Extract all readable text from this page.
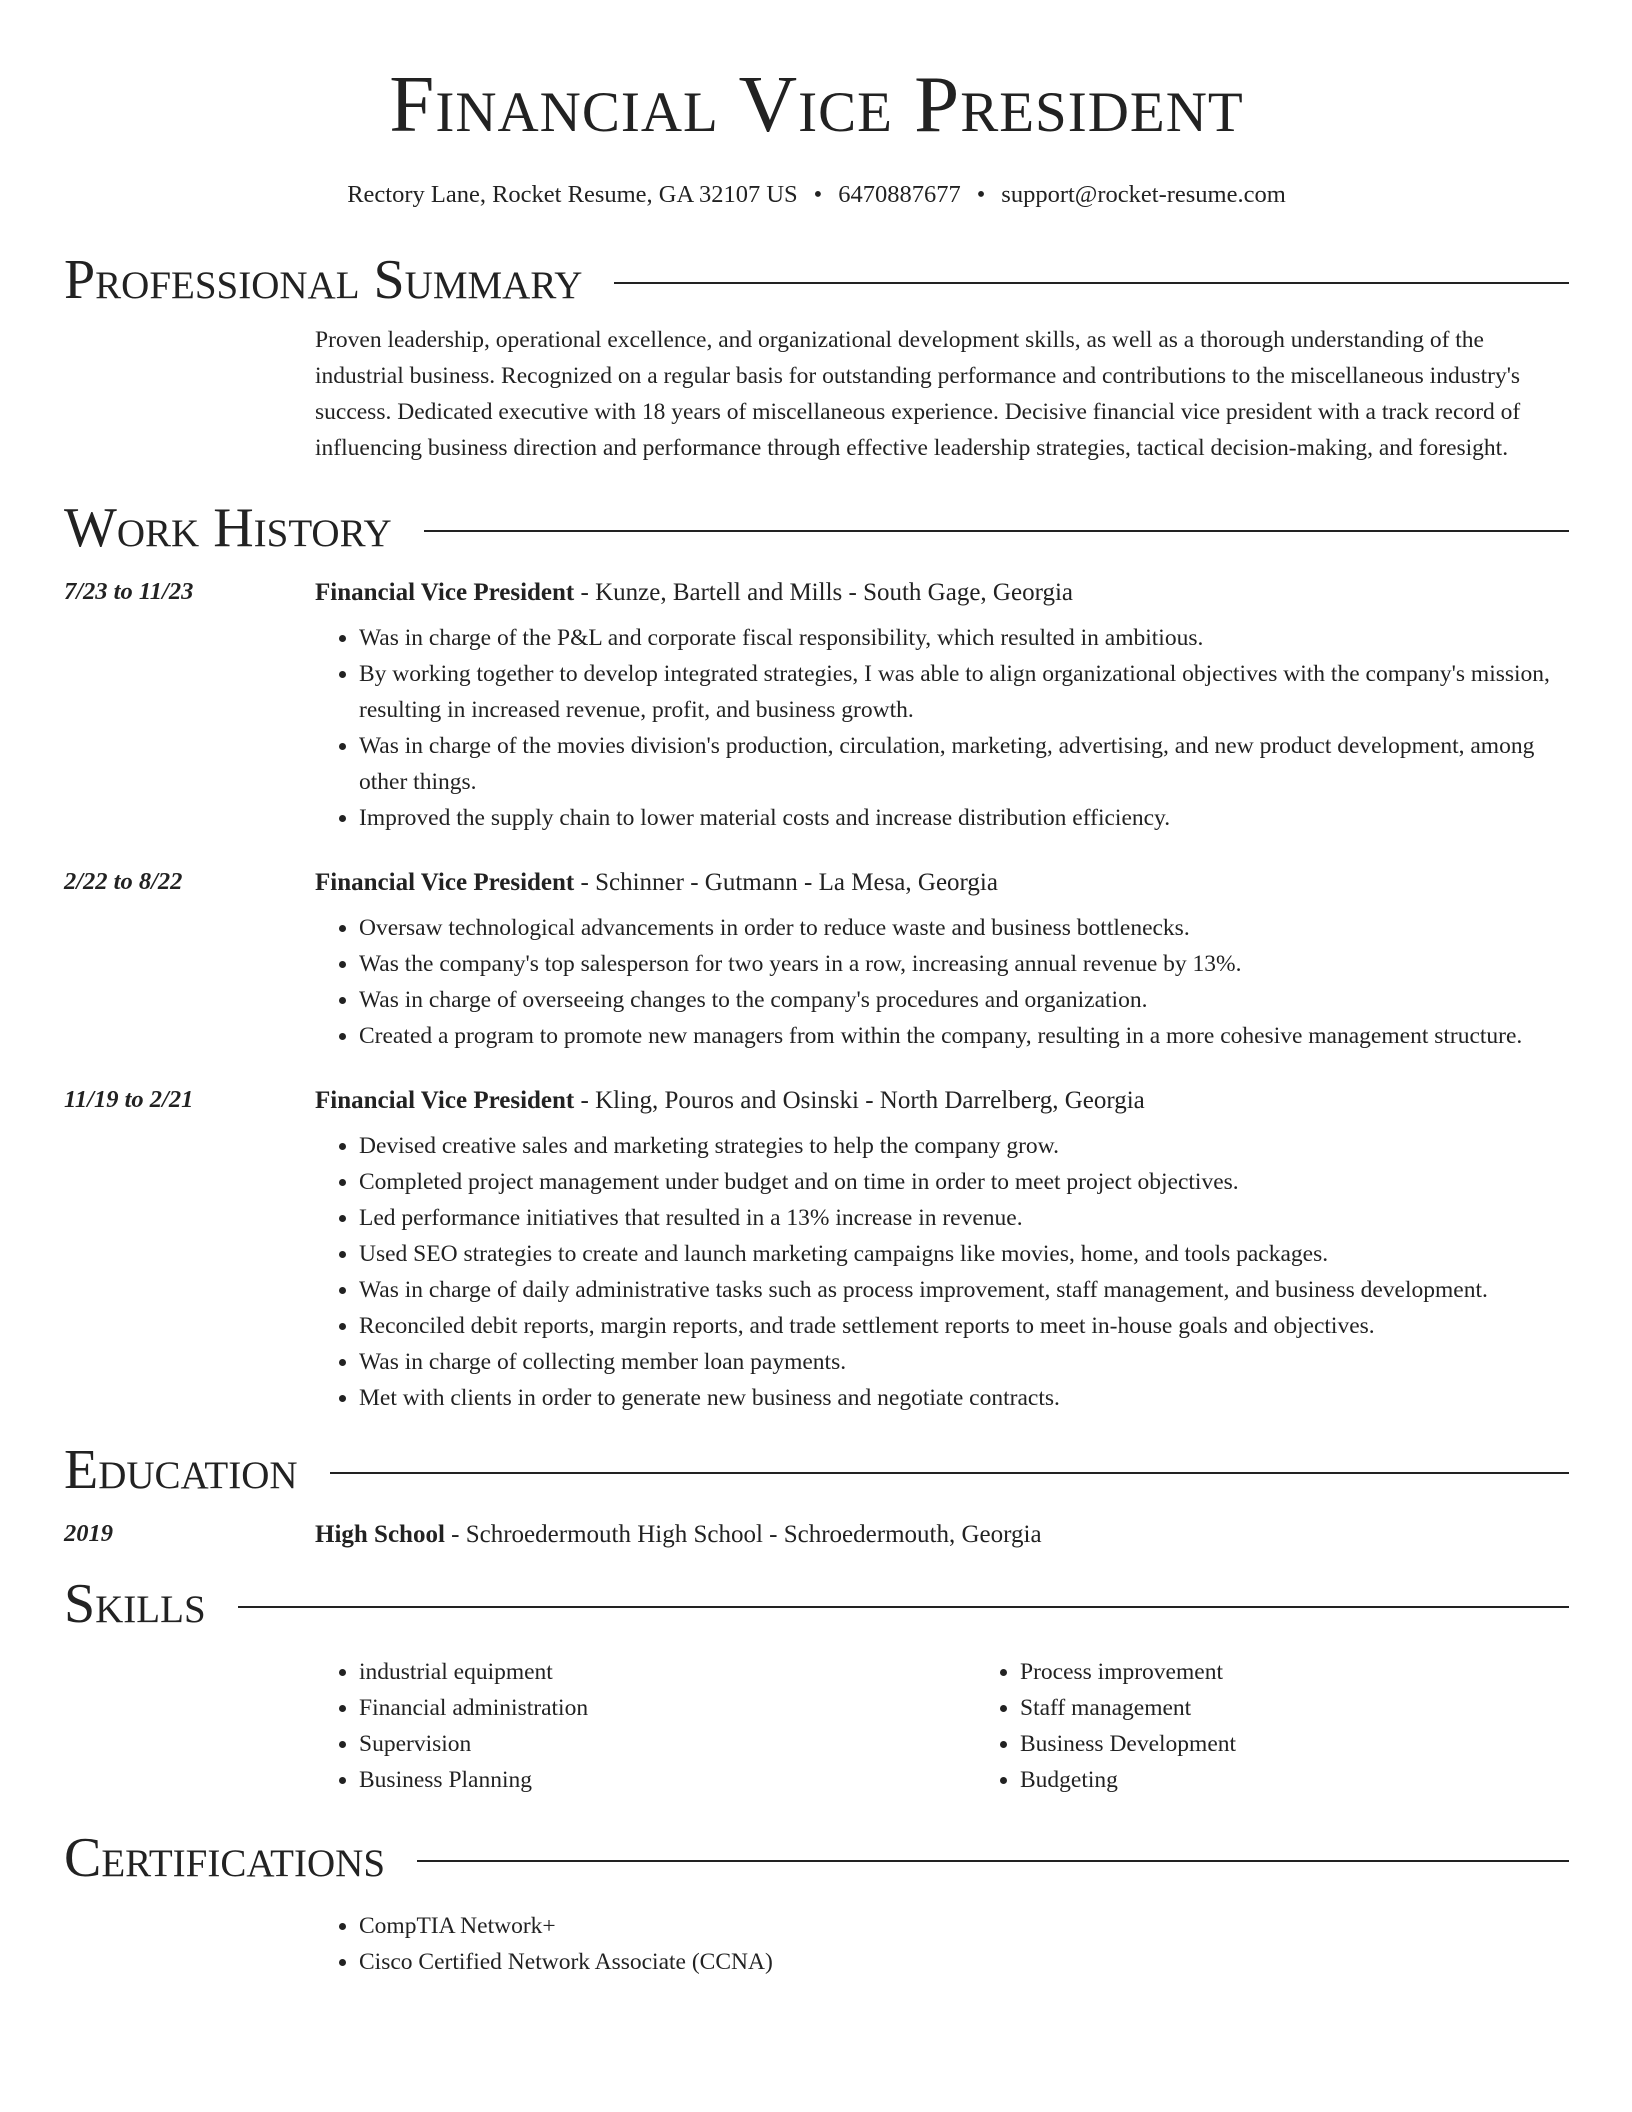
Financial Vice President
Rectory Lane, Rocket Resume, GA 32107 US • 6470887677 • support@rocket-resume.com
Professional Summary
Proven leadership, operational excellence, and organizational development skills, as well as a thorough understanding of the industrial business. Recognized on a regular basis for outstanding performance and contributions to the miscellaneous industry's success. Dedicated executive with 18 years of miscellaneous experience. Decisive financial vice president with a track record of influencing business direction and performance through effective leadership strategies, tactical decision-making, and foresight.
Work History
7/23 to 11/23	Financial Vice President - Kunze, Bartell and Mills - South Gage, Georgia
• Was in charge of the P&L and corporate fiscal responsibility, which resulted in ambitious.
• By working together to develop integrated strategies, I was able to align organizational objectives with the company's mission, resulting in increased revenue, profit, and business growth.
• Was in charge of the movies division's production, circulation, marketing, advertising, and new product development, among other things.
• Improved the supply chain to lower material costs and increase distribution efficiency.
2/22 to 8/22	Financial Vice President - Schinner - Gutmann - La Mesa, Georgia
• Oversaw technological advancements in order to reduce waste and business bottlenecks.
• Was the company's top salesperson for two years in a row, increasing annual revenue by 13%.
• Was in charge of overseeing changes to the company's procedures and organization.
• Created a program to promote new managers from within the company, resulting in a more cohesive management structure.
11/19 to 2/21	Financial Vice President - Kling, Pouros and Osinski - North Darrelberg, Georgia
• Devised creative sales and marketing strategies to help the company grow.
• Completed project management under budget and on time in order to meet project objectives.
• Led performance initiatives that resulted in a 13% increase in revenue.
• Used SEO strategies to create and launch marketing campaigns like movies, home, and tools packages.
• Was in charge of daily administrative tasks such as process improvement, staff management, and business development.
• Reconciled debit reports, margin reports, and trade settlement reports to meet in-house goals and objectives.
• Was in charge of collecting member loan payments.
• Met with clients in order to generate new business and negotiate contracts.
Education
2019	High School - Schroedermouth High School - Schroedermouth, Georgia
Skills
• industrial equipment
• Financial administration
• Supervision
• Business Planning
• Process improvement
• Staff management
• Business Development
• Budgeting
Certifications
• CompTIA Network+
• Cisco Certified Network Associate (CCNA)
